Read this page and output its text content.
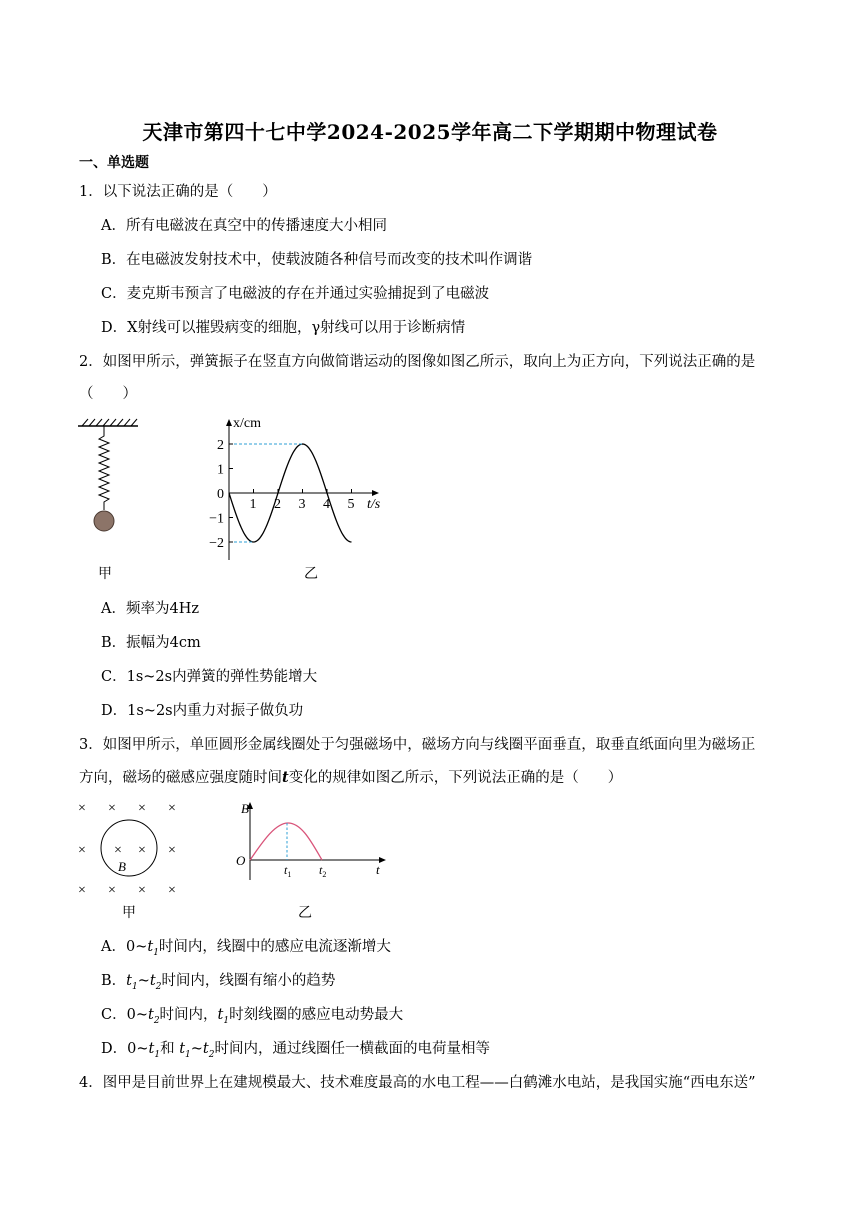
天津市第四十七中学2024-2025学年高二下学期期中物理试卷
一、单选题
1．以下说法正确的是（　　）
A．所有电磁波在真空中的传播速度大小相同
B．在电磁波发射技术中，使载波随各种信号而改变的技术叫作调谐
C．麦克斯韦预言了电磁波的存在并通过实验捕捉到了电磁波
D．X射线可以摧毁病变的细胞，γ射线可以用于诊断病情
2．如图甲所示，弹簧振子在竖直方向做简谐运动的图像如图乙所示，取向上为正方向，下列说法正确的是
（　　）
甲
2
1
0
−1
−2
1 2 3 4 5
x/cm
t/s
乙
A．频率为4Hz
B．振幅为4cm
C．1s~2s内弹簧的弹性势能增大
D．1s~2s内重力对振子做负功
3．如图甲所示，单匝圆形金属线圈处于匀强磁场中，磁场方向与线圈平面垂直，取垂直纸面向里为磁场正
方向，磁场的磁感应强度随时间t变化的规律如图乙所示，下列说法正确的是（　　）
× × × ×
×	×
× ×
× × × ×
B
甲
B
O
t
$t_1$ $t_2$
乙
A．$0\sim t_1$时间内，线圈中的感应电流逐渐增大
B．$t_1\sim t_2$时间内，线圈有缩小的趋势
C．$0\sim t_2$时间内，$t_1$时刻线圈的感应电动势最大
D．$0\sim t_1$和 $t_1\sim t_2$时间内，通过线圈任一横截面的电荷量相等
4．图甲是目前世界上在建规模最大、技术难度最高的水电工程——白鹤滩水电站，是我国实施“西电东送”
